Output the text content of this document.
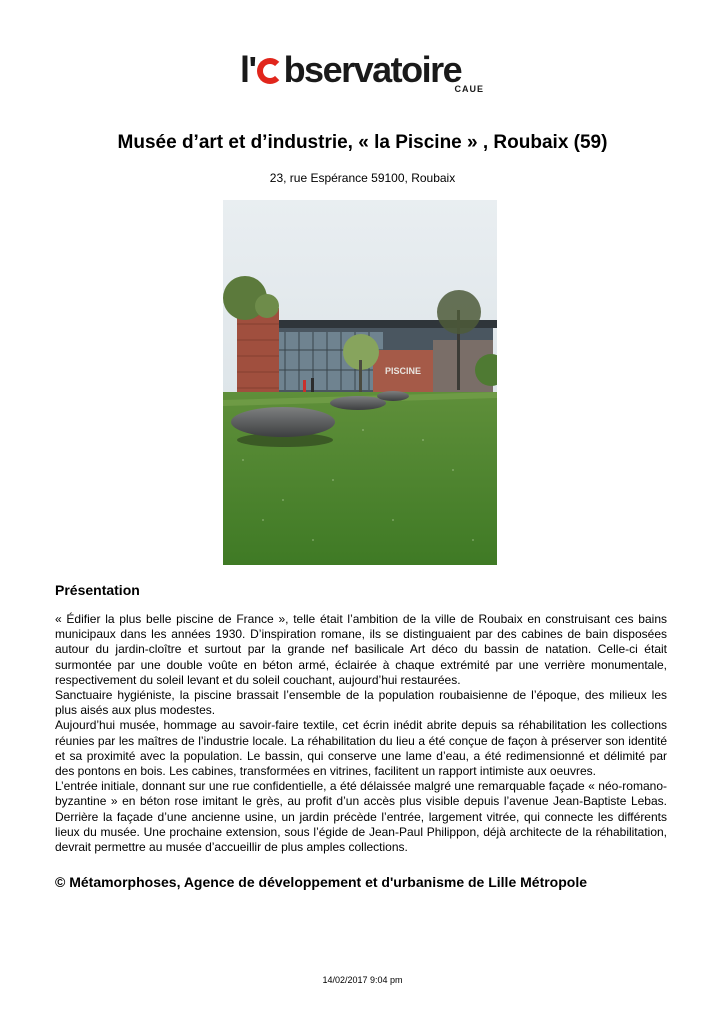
l' bservatoire
CAUE
Musée d’art et d’industrie, « la Piscine » , Roubaix (59)
23, rue Espérance 59100, Roubaix
PISCINE
Présentation

« Édifier la plus belle piscine de France », telle était l’ambition de la ville de Roubaix en construisant ces bains municipaux dans les années 1930. D’inspiration romane, ils se distinguaient par des cabines de bain disposées autour du jardin-cloître et surtout par la grande nef basilicale Art déco du bassin de natation. Celle-ci était surmontée par une double voûte en béton armé, éclairée à chaque extrémité par une verrière monumentale, respectivement du soleil levant et du soleil couchant, aujourd’hui restaurées.

Sanctuaire hygiéniste, la piscine brassait l’ensemble de la population roubaisienne de l’époque, des milieux les plus aisés aux plus modestes.

Aujourd’hui musée, hommage au savoir-faire textile, cet écrin inédit abrite depuis sa réhabilitation les collections réunies par les maîtres de l’industrie locale. La réhabilitation du lieu a été conçue de façon à préserver son identité et sa proximité avec la population. Le bassin, qui conserve une lame d’eau, a été redimensionné et délimité par des pontons en bois. Les cabines, transformées en vitrines, facilitent un rapport intimiste aux oeuvres.

L’entrée initiale, donnant sur une rue confidentielle, a été délaissée malgré une remarquable façade « néo-romano-byzantine » en béton rose imitant le grès, au profit d’un accès plus visible depuis l’avenue Jean-Baptiste Lebas. Derrière la façade d’une ancienne usine, un jardin précède l’entrée, largement vitrée, qui connecte les différents lieux du musée. Une prochaine extension, sous l’égide de Jean-Paul Philippon, déjà architecte de la réhabilitation, devrait permettre au musée d’accueillir de plus amples collections.

© Métamorphoses, Agence de développement et d'urbanisme de Lille Métropole
14/02/2017 9:04 pm
